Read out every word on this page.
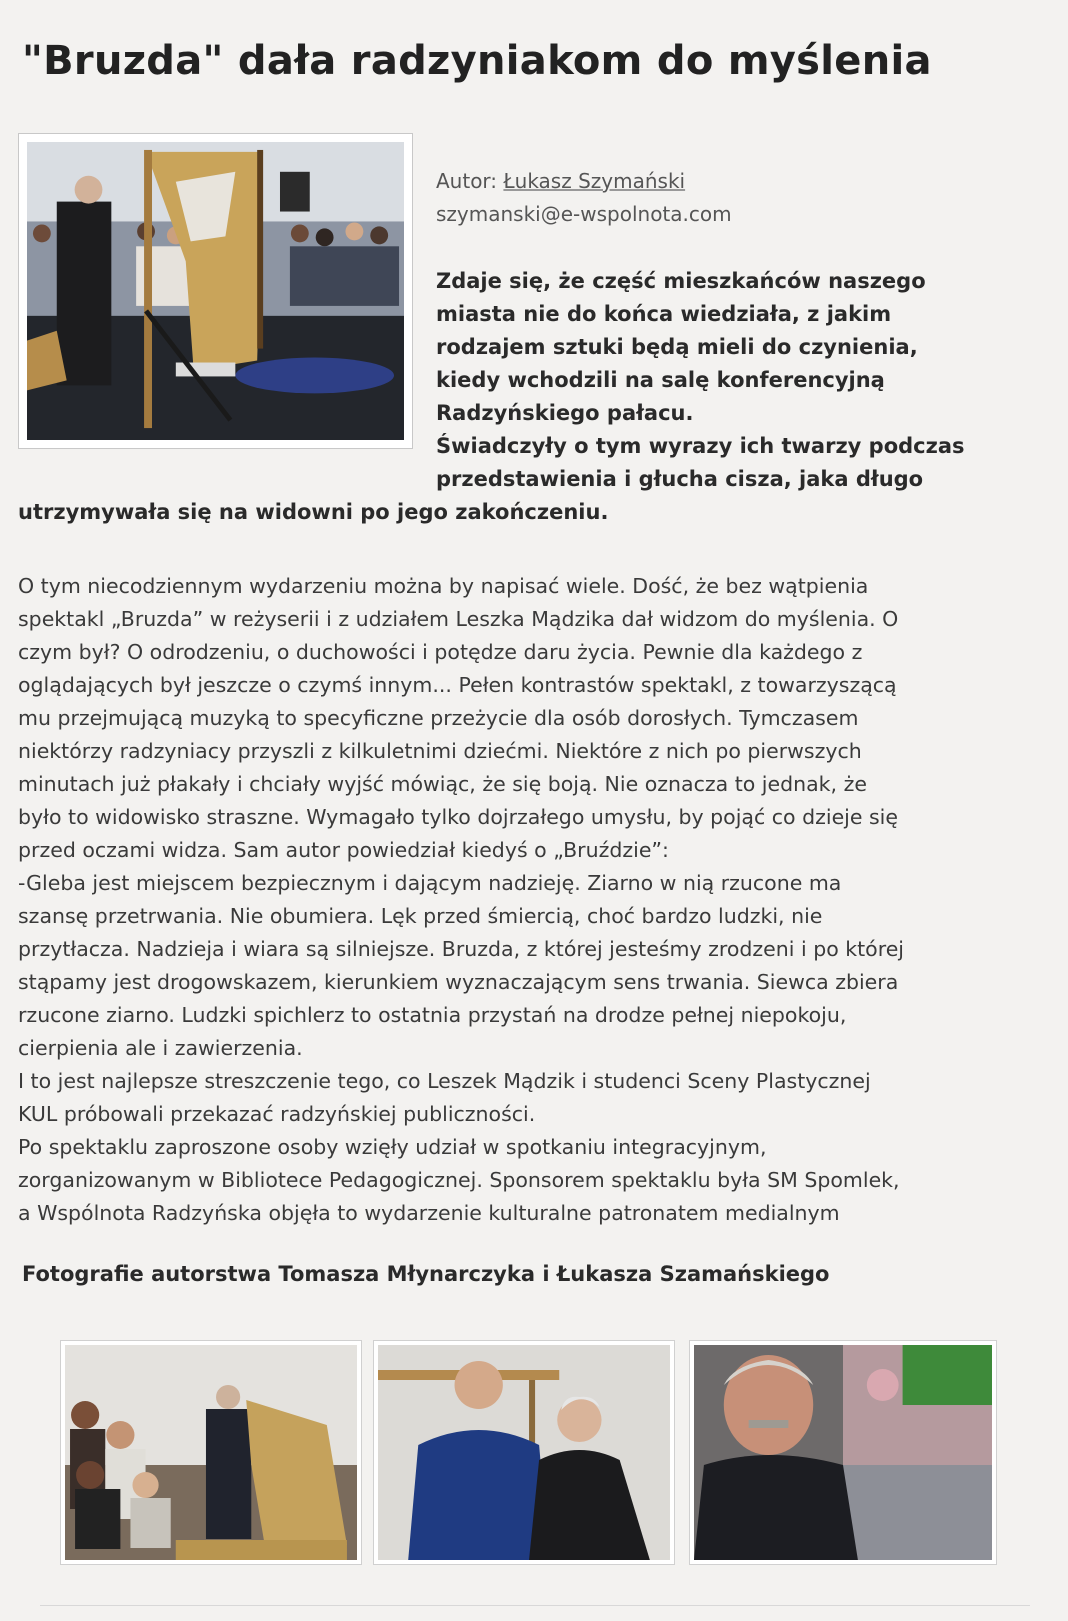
"Bruzda" dała radzyniakom do myślenia
Autor: Łukasz Szymański
szymanski@e-wspolnota.com
Zdaje się, że część mieszkańców naszego
miasta nie do końca wiedziała, z jakim
rodzajem sztuki będą mieli do czynienia,
kiedy wchodzili na salę konferencyjną
Radzyńskiego pałacu.
Świadczyły o tym wyrazy ich twarzy podczas
przedstawienia i głucha cisza, jaka długo
utrzymywała się na widowni po jego zakończeniu.
O tym niecodziennym wydarzeniu można by napisać wiele. Dość, że bez wątpienia
spektakl „Bruzda” w reżyserii i z udziałem Leszka Mądzika dał widzom do myślenia. O
czym był? O odrodzeniu, o duchowości i potędze daru życia. Pewnie dla każdego z
oglądających był jeszcze o czymś innym... Pełen kontrastów spektakl, z towarzyszącą
mu przejmującą muzyką to specyficzne przeżycie dla osób dorosłych. Tymczasem
niektórzy radzyniacy przyszli z kilkuletnimi dziećmi. Niektóre z nich po pierwszych
minutach już płakały i chciały wyjść mówiąc, że się boją. Nie oznacza to jednak, że
było to widowisko straszne. Wymagało tylko dojrzałego umysłu, by pojąć co dzieje się
przed oczami widza. Sam autor powiedział kiedyś o „Bruździe”:
-Gleba jest miejscem bezpiecznym i dającym nadzieję. Ziarno w nią rzucone ma
szansę przetrwania. Nie obumiera. Lęk przed śmiercią, choć bardzo ludzki, nie
przytłacza. Nadzieja i wiara są silniejsze. Bruzda, z której jesteśmy zrodzeni i po której
stąpamy jest drogowskazem, kierunkiem wyznaczającym sens trwania. Siewca zbiera
rzucone ziarno. Ludzki spichlerz to ostatnia przystań na drodze pełnej niepokoju,
cierpienia ale i zawierzenia.
I to jest najlepsze streszczenie tego, co Leszek Mądzik i studenci Sceny Plastycznej
KUL próbowali przekazać radzyńskiej publiczności.
Po spektaklu zaproszone osoby wzięły udział w spotkaniu integracyjnym,
zorganizowanym w Bibliotece Pedagogicznej. Sponsorem spektaklu była SM Spomlek,
a Wspólnota Radzyńska objęła to wydarzenie kulturalne patronatem medialnym
Fotografie autorstwa Tomasza Młynarczyka i Łukasza Szamańskiego
